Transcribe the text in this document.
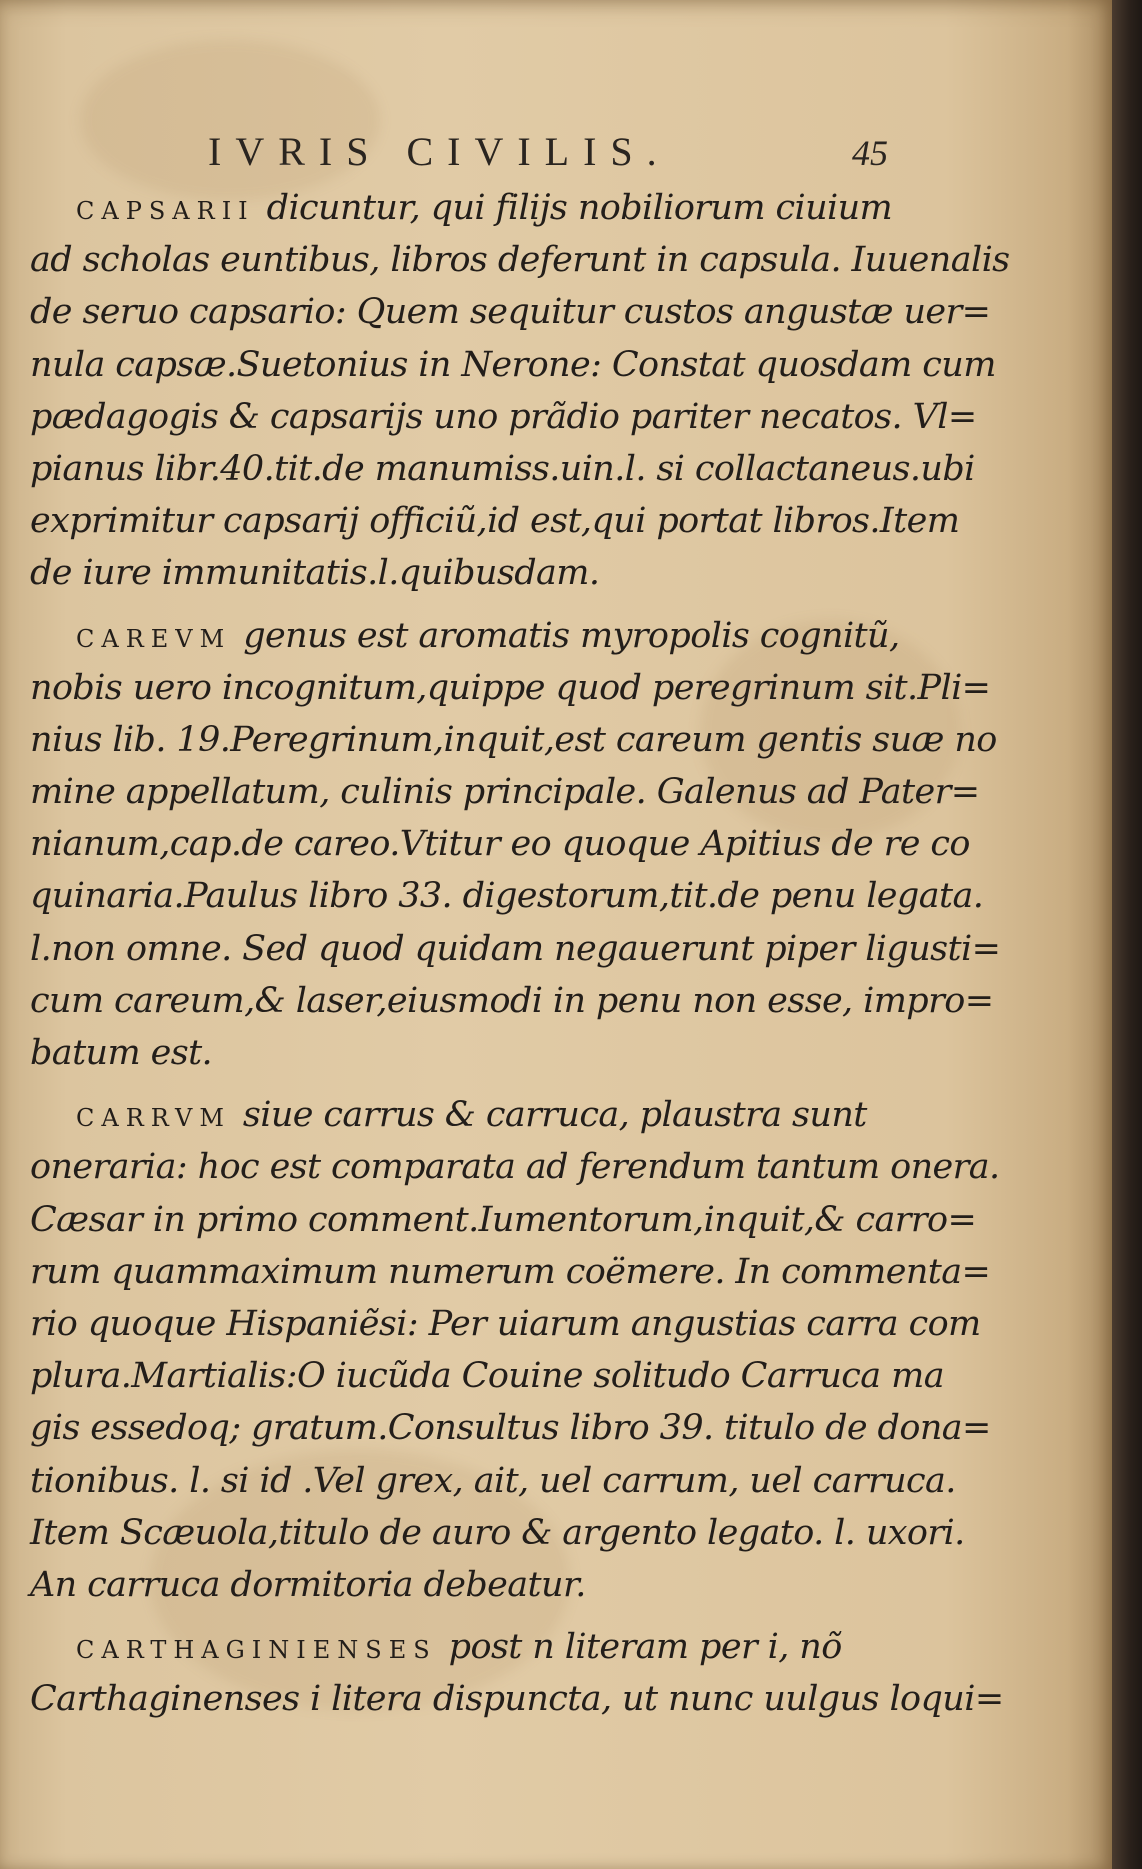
IVRIS CIVILIS.	45
CAPSARII dicuntur, qui filijs nobiliorum ciuium
ad scholas euntibus, libros deferunt in capsula. Iuuenalis
de seruo capsario: Quem sequitur custos angustæ uer=
nula capsæ.Suetonius in Nerone: Constat quosdam cum
pædagogis & capsarijs uno prãdio pariter necatos. Vl=
pianus libr.40.tit.de manumiss.uin.l. si collactaneus.ubi
exprimitur capsarij officiũ,id est,qui portat libros.Item
de iure immunitatis.l.quibusdam.
CAREVM genus est aromatis myropolis cognitũ,
nobis uero incognitum,quippe quod peregrinum sit.Pli=
nius lib. 19.Peregrinum,inquit,est careum gentis suæ no
mine appellatum, culinis principale. Galenus ad Pater=
nianum,cap.de careo.Vtitur eo quoque Apitius de re co
quinaria.Paulus libro 33. digestorum,tit.de penu legata.
l.non omne. Sed quod quidam negauerunt piper ligusti=
cum careum,& laser,eiusmodi in penu non esse, impro=
batum est.
CARRVM siue carrus & carruca, plaustra sunt
oneraria: hoc est comparata ad ferendum tantum onera.
Cæsar in primo comment.Iumentorum,inquit,& carro=
rum quammaximum numerum coëmere. In commenta=
rio quoque Hispaniẽsi: Per uiarum angustias carra com
plura.Martialis:O iucũda Couine solitudo Carruca ma
gis essedoq; gratum.Consultus libro 39. titulo de dona=
tionibus. l. si id .Vel grex, ait, uel carrum, uel carruca.
Item Scæuola,titulo de auro & argento legato. l. uxori.
An carruca dormitoria debeatur.
CARTHAGINIENSES post n literam per i, nõ
Carthaginenses i litera dispuncta, ut nunc uulgus loqui=
